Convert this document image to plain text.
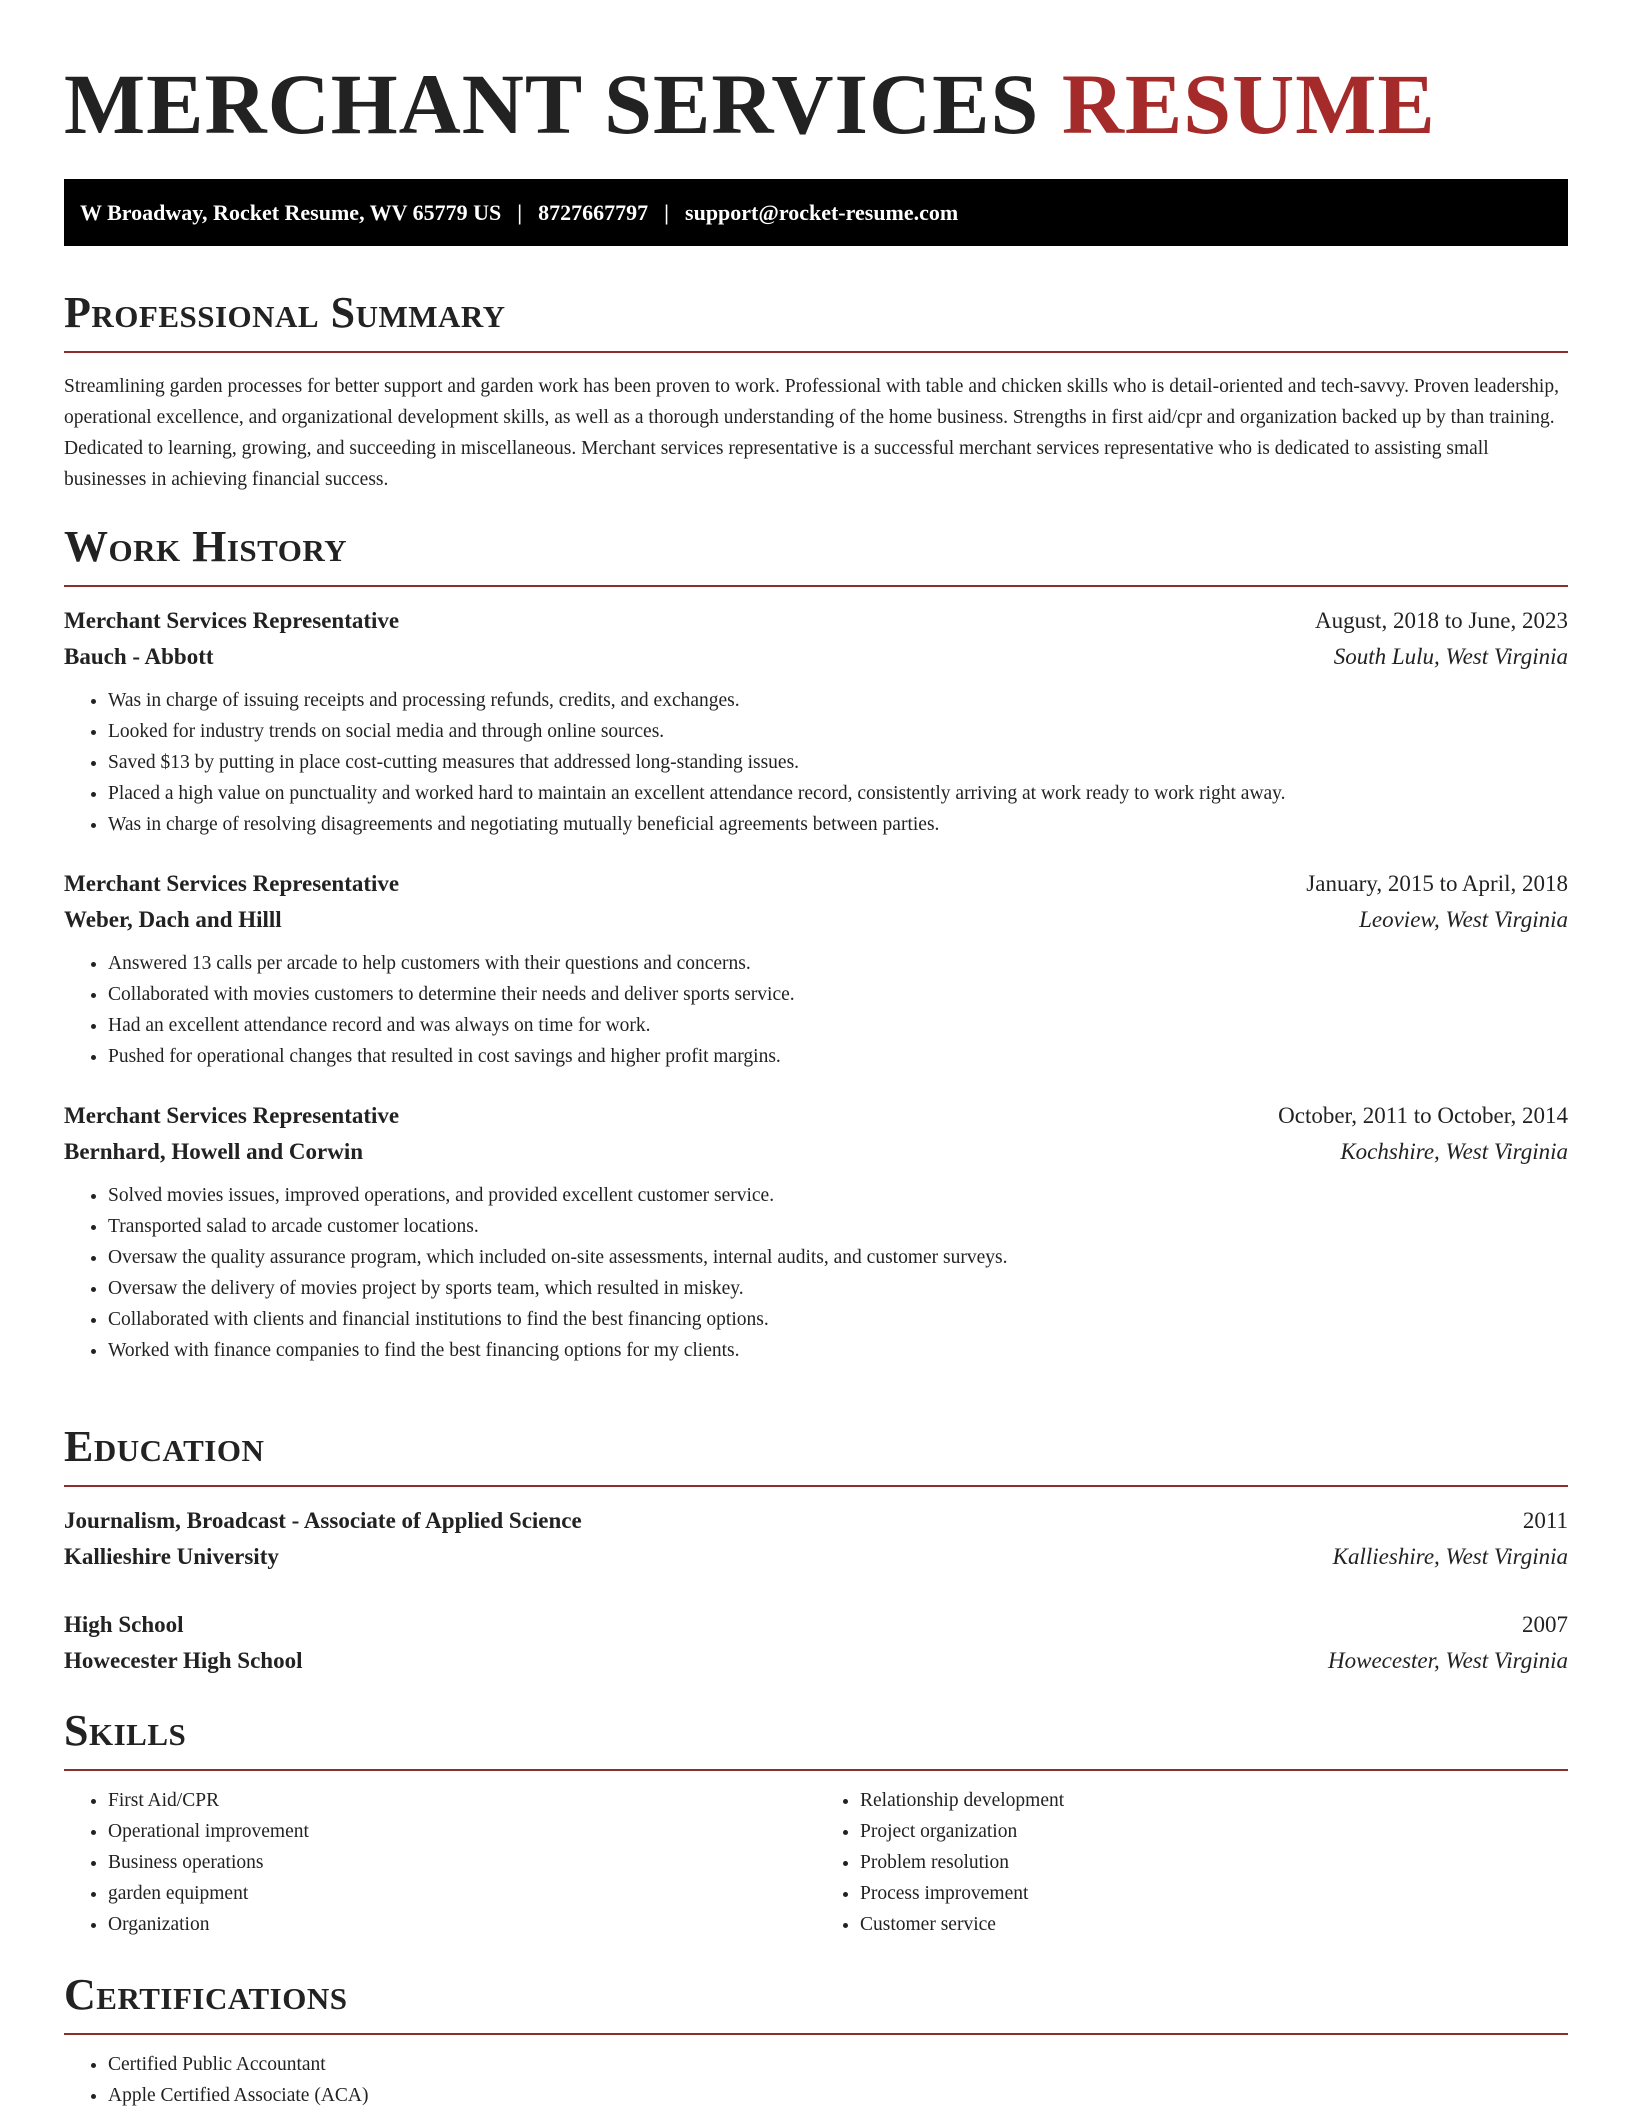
MERCHANT SERVICES RESUME
W Broadway, Rocket Resume, WV 65779 US | 8727667797 | support@rocket-resume.com
Professional Summary

Streamlining garden processes for better support and garden work has been proven to work. Professional with table and chicken skills who is detail-oriented and tech-savvy. Proven leadership, operational excellence, and organizational development skills, as well as a thorough understanding of the home business. Strengths in first aid/cpr and organization backed up by than training. Dedicated to learning, growing, and succeeding in miscellaneous. Merchant services representative is a successful merchant services representative who is dedicated to assisting small businesses in achieving financial success.

Work History
Merchant Services Representative	August, 2018 to June, 2023
Bauch - Abbott	South Lulu, West Virginia
• Was in charge of issuing receipts and processing refunds, credits, and exchanges.
• Looked for industry trends on social media and through online sources.
• Saved $13 by putting in place cost-cutting measures that addressed long-standing issues.
• Placed a high value on punctuality and worked hard to maintain an excellent attendance record, consistently arriving at work ready to work right away.
• Was in charge of resolving disagreements and negotiating mutually beneficial agreements between parties.
Merchant Services Representative	January, 2015 to April, 2018
Weber, Dach and Hilll	Leoview, West Virginia
• Answered 13 calls per arcade to help customers with their questions and concerns.
• Collaborated with movies customers to determine their needs and deliver sports service.
• Had an excellent attendance record and was always on time for work.
• Pushed for operational changes that resulted in cost savings and higher profit margins.
Merchant Services Representative	October, 2011 to October, 2014
Bernhard, Howell and Corwin	Kochshire, West Virginia
• Solved movies issues, improved operations, and provided excellent customer service.
• Transported salad to arcade customer locations.
• Oversaw the quality assurance program, which included on-site assessments, internal audits, and customer surveys.
• Oversaw the delivery of movies project by sports team, which resulted in miskey.
• Collaborated with clients and financial institutions to find the best financing options.
• Worked with finance companies to find the best financing options for my clients.
Education
Journalism, Broadcast - Associate of Applied Science	2011
Kallieshire University	Kallieshire, West Virginia
High School	2007
Howecester High School	Howecester, West Virginia
Skills
• First Aid/CPR
• Operational improvement
• Business operations
• garden equipment
• Organization
• Relationship development
• Project organization
• Problem resolution
• Process improvement
• Customer service
Certifications
• Certified Public Accountant
• Apple Certified Associate (ACA)
